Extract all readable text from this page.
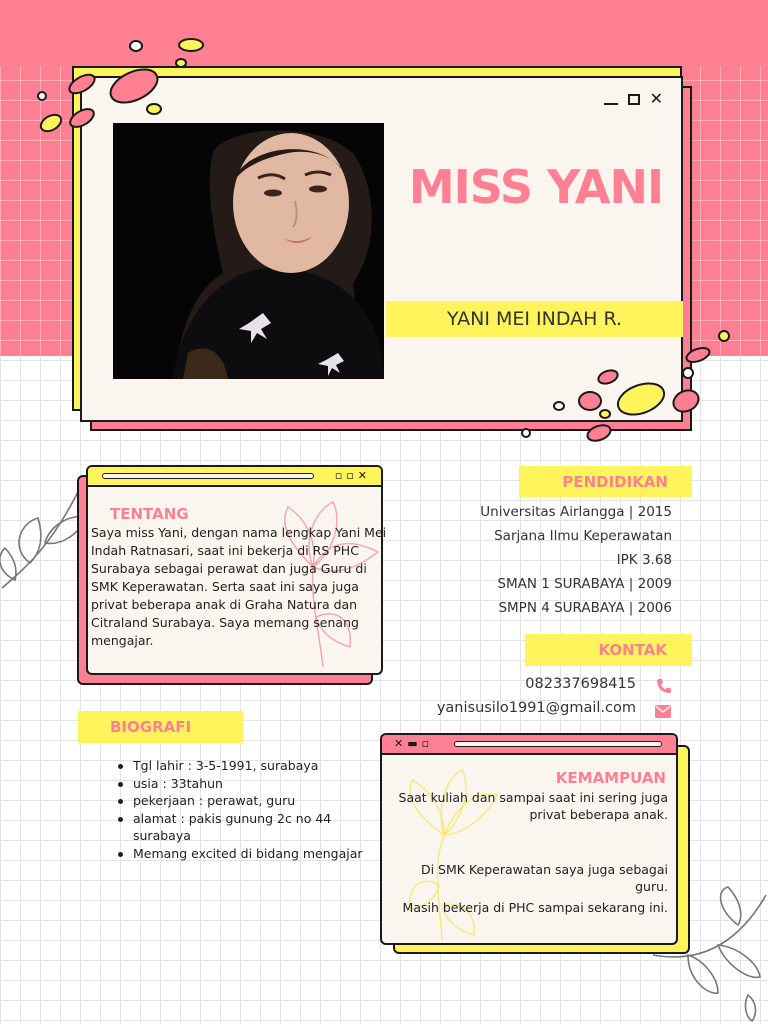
✕
MISS YANI
YANI MEI INDAH R.
▫▫✕
TENTANG
Saya miss Yani, dengan nama lengkap Yani Mei Indah Ratnasari, saat ini bekerja di RS PHC Surabaya sebagai perawat dan juga Guru di SMK Keperawatan. Serta saat ini saya juga privat beberapa anak di Graha Natura dan Citraland Surabaya. Saya memang senang mengajar.
BIOGRAFI
Tgl lahir : 3-5-1991, surabaya
usia : 33tahun
pekerjaan : perawat, guru
alamat : pakis gunung 2c no 44 surabaya
Memang excited di bidang mengajar
PENDIDIKAN
Universitas Airlangga | 2015
Sarjana Ilmu Keperawatan
IPK 3.68
SMAN 1 SURABAYA | 2009
SMPN 4 SURABAYA | 2006
KONTAK
082337698415
yanisusilo1991@gmail.com
✕▬▫
KEMAMPUAN
Saat kuliah dan sampai saat ini sering juga privat beberapa anak.
Di SMK Keperawatan saya juga sebagai guru.
Masih bekerja di PHC sampai sekarang ini.
